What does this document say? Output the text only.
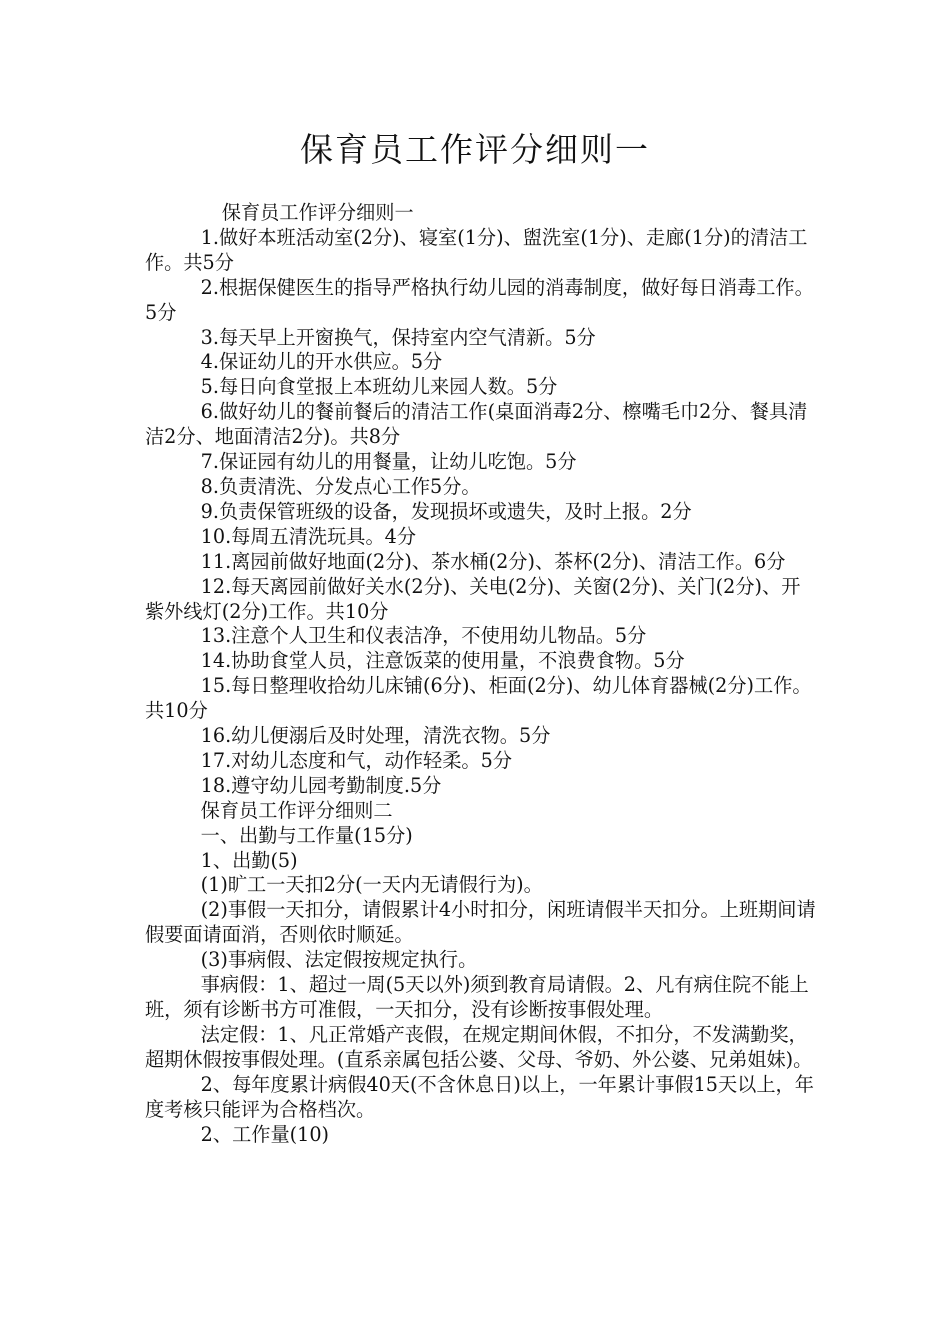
保育员工作评分细则一

保育员工作评分细则一

1.做好本班活动室(2分)、寝室(1分)、盥洗室(1分)、走廊(1分)的清洁工作。共5分

2.根据保健医生的指导严格执行幼儿园的消毒制度，做好每日消毒工作。5分

3.每天早上开窗换气，保持室内空气清新。5分

4.保证幼儿的开水供应。5分

5.每日向食堂报上本班幼儿来园人数。5分

6.做好幼儿的餐前餐后的清洁工作(桌面消毒2分、檫嘴毛巾2分、餐具清洁2分、地面清洁2分)。共8分

7.保证园有幼儿的用餐量，让幼儿吃饱。5分

8.负责清洗、分发点心工作5分。

9.负责保管班级的设备，发现损坏或遗失，及时上报。2分

10.每周五清洗玩具。4分

11.离园前做好地面(2分)、茶水桶(2分)、茶杯(2分)、清洁工作。6分

12.每天离园前做好关水(2分)、关电(2分)、关窗(2分)、关门(2分)、开紫外线灯(2分)工作。共10分

13.注意个人卫生和仪表洁净，不使用幼儿物品。5分

14.协助食堂人员，注意饭菜的使用量，不浪费食物。5分

15.每日整理收拾幼儿床铺(6分)、柜面(2分)、幼儿体育器械(2分)工作。共10分

16.幼儿便溺后及时处理，清洗衣物。5分

17.对幼儿态度和气，动作轻柔。5分

18.遵守幼儿园考勤制度.5分

保育员工作评分细则二

一、出勤与工作量(15分)

1、出勤(5)

(1)旷工一天扣2分(一天内无请假行为)。

(2)事假一天扣分，请假累计4小时扣分，闲班请假半天扣分。上班期间请假要面请面消，否则依时顺延。

(3)事病假、法定假按规定执行。

事病假：1、超过一周(5天以外)须到教育局请假。2、凡有病住院不能上班，须有诊断书方可准假，一天扣分，没有诊断按事假处理。

法定假：1、凡正常婚产丧假，在规定期间休假，不扣分，不发满勤奖，超期休假按事假处理。(直系亲属包括公婆、父母、爷奶、外公婆、兄弟姐妹)。

2、每年度累计病假40天(不含休息日)以上，一年累计事假15天以上，年度考核只能评为合格档次。

2、工作量(10)
